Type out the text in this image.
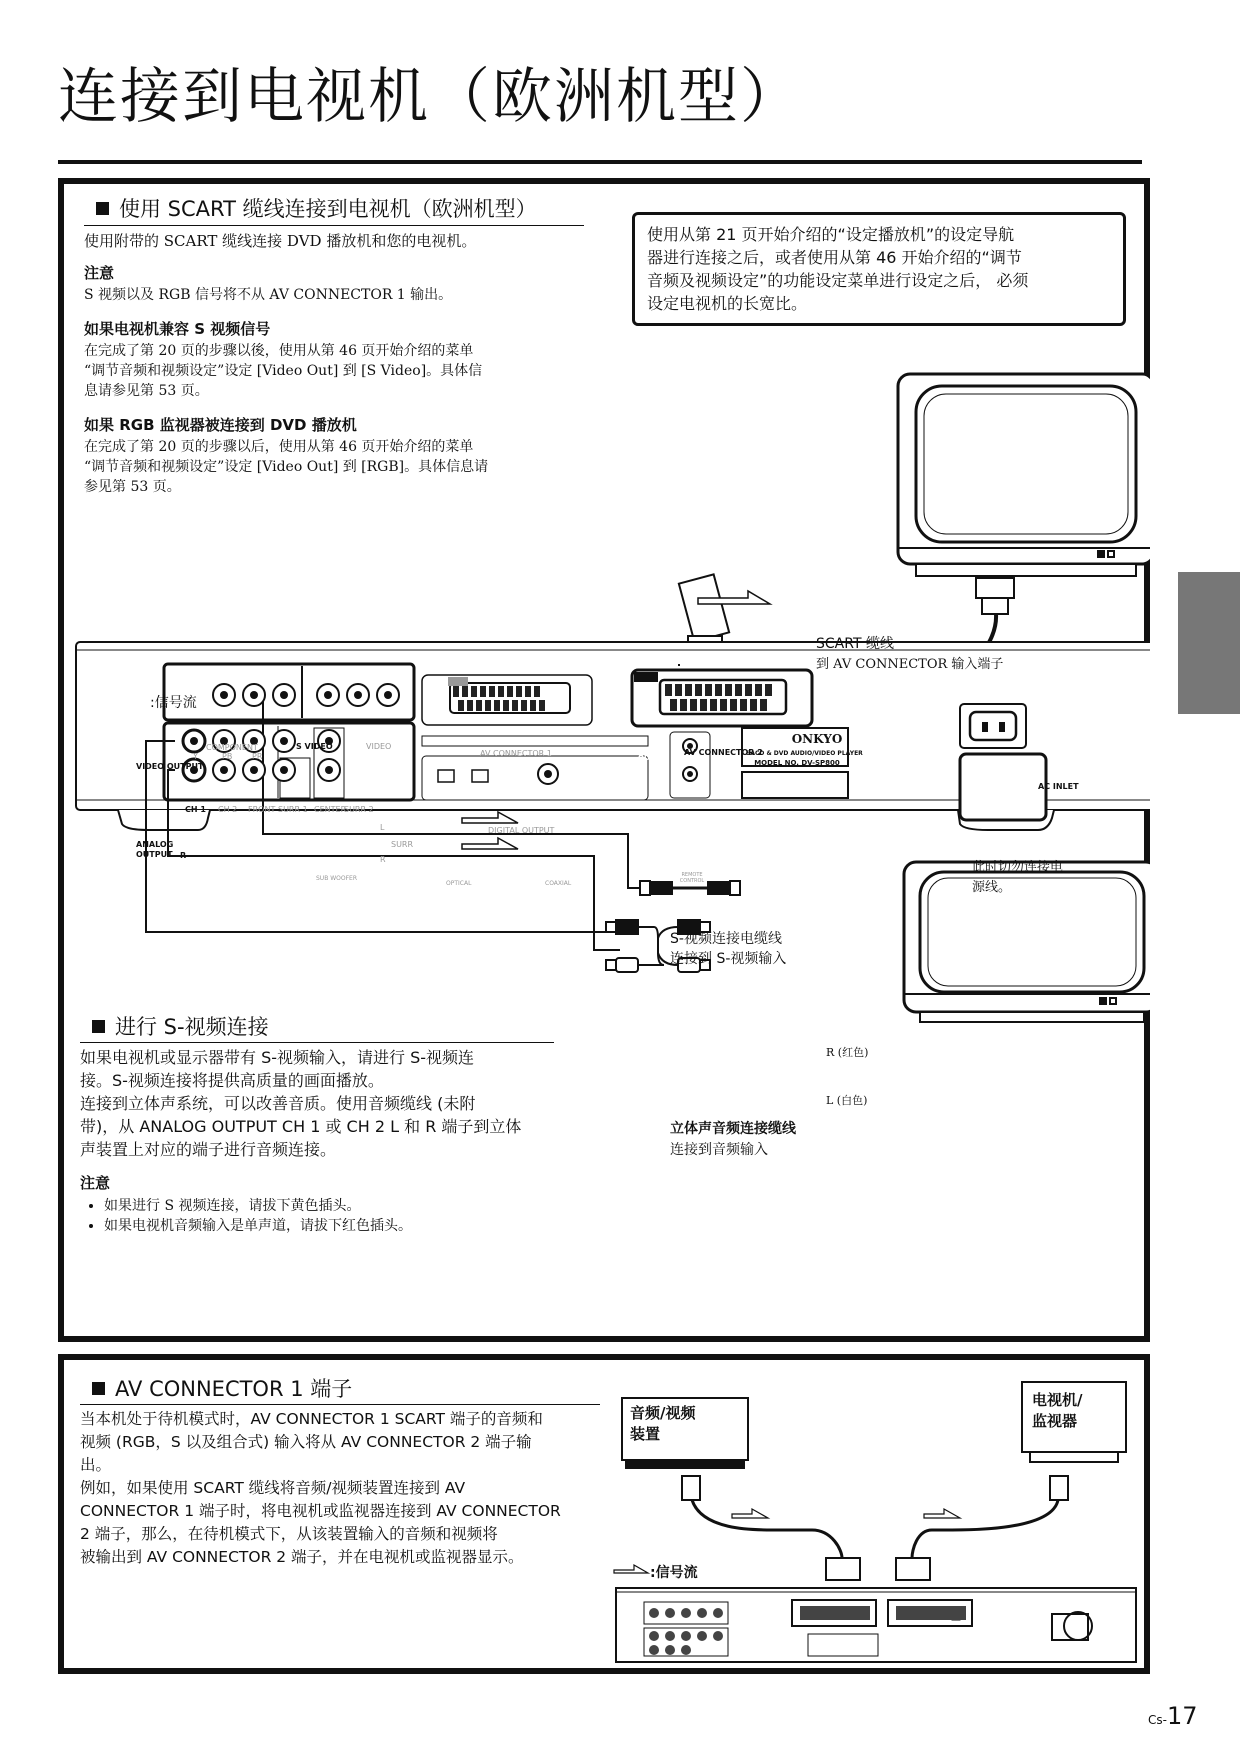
连接到电视机（欧洲机型）
使用 SCART 缆线连接到电视机（欧洲机型）
使用附带的 SCART 缆线连接 DVD 播放机和您的电视机。
注意
S 视频以及 RGB 信号将不从 AV CONNECTOR 1 输出。
如果电视机兼容 S 视频信号
在完成了第 20 页的步骤以後，使用从第 46 页开始介绍的菜单
“调节音频和视频设定”设定 [Video Out] 到 [S Video]。具体信
息请参见第 53 页。
如果 RGB 监视器被连接到 DVD 播放机
在完成了第 20 页的步骤以后，使用从第 46 页开始介绍的菜单
“调节音频和视频设定”设定 [Video Out] 到 [RGB]。具体信息请
参见第 53 页。
使用从第 21 页开始介绍的“设定播放机”的设定导航
器进行连接之后，或者使用从第 46 开始介绍的“调节
音频及视频设定”的功能设定菜单进行设定之后， 必须
设定电视机的长宽比。
VIDEO OUTPUT
ANALOG OUTPUT
COMPONENT
Y	PB PR
S VIDEO	VIDEO
CH 1 CH 2 FRONT SURR 1 CENTER
SURR 2
L
R	R
SUB WOOFER
SURR
AV CONNECTOR 1
IN/OUT
AV CONNECTOR 2
OUT
DIGITAL OUTPUT
OPTICAL	COAXIAL
REMOTE CONTROL
ONKYO
SACD & DVD AUDIO/VIDEO PLAYER
MODEL NO. DV-SP800
AC INLET
SCART 缆线
到 AV CONNECTOR 输入端子
:信号流
此时切勿连接电
源线。
S-视频连接电缆线
连接到 S-视频输入
R (红色)
L (白色)
立体声音频连接缆线
连接到音频输入
进行 S-视频连接
如果电视机或显示器带有 S-视频输入，请进行 S-视频连
接。S-视频连接将提供高质量的画面播放。
连接到立体声系统，可以改善音质。使用音频缆线 (未附
带)，从 ANALOG OUTPUT CH 1 或 CH 2 L 和 R 端子到立体
声装置上对应的端子进行音频连接。
注意
• 如果进行 S 视频连接，请拔下黄色插头。
• 如果电视机音频输入是单声道，请拔下红色插头。
AV CONNECTOR 1 端子
当本机处于待机模式时，AV CONNECTOR 1 SCART 端子的音频和
视频 (RGB，S 以及组合式) 输入将从 AV CONNECTOR 2 端子输
出。
例如，如果使用 SCART 缆线将音频/视频装置连接到 AV
CONNECTOR 1 端子时，将电视机或监视器连接到 AV CONNECTOR
2 端子，那么，在待机模式下，从该装置输入的音频和视频将
被输出到 AV CONNECTOR 2 端子，并在电视机或监视器显示。
音频/视频
装置
电视机/
监视器
:信号流
Cs-17
